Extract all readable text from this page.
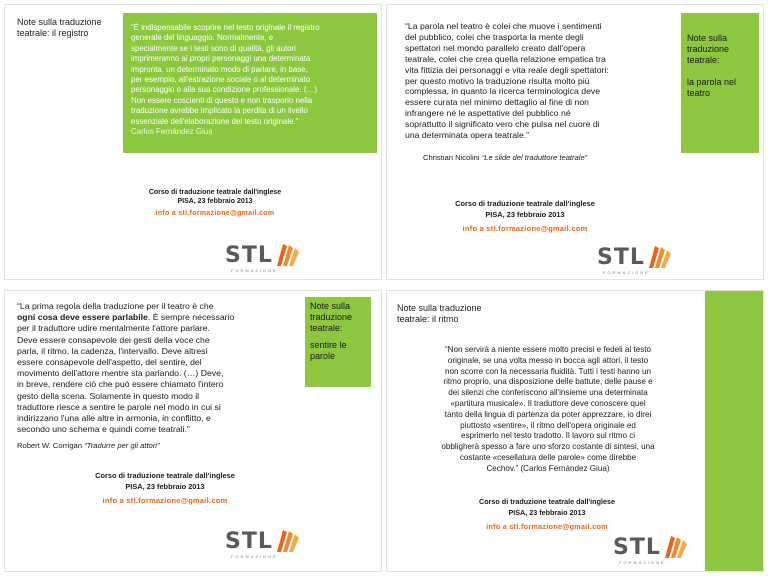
Note sulla traduzione
teatrale: il registro
“È indispensabile scoprire nel testo originale il registro
generale del linguaggio. Normalmente, e
specialmente se i testi sono di qualità, gli autori
imprimeranno ai propri personaggi una determinata
impronta, un determinato modo di parlare, in base,
per esempio, all'estrazione sociale o al determinato
personaggio o alla sua condizione professionale. (…)
Non essere coscienti di questo e non trasporlo nella
traduzione avrebbe implicato la perdita di un livello
essenziale dell'elaborazione del testo originale.”
Carlos Fernández Giua
Corso di traduzione teatrale dall'inglese
PISA, 23 febbraio 2013
info a stl.formazione@gmail.com
STL
FORMAZIONE
“La parola nel teatro è colei che muove i sentimenti
del pubblico, colei che trasporta la mente degli
spettatori nel mondo parallelo creato dall'opera
teatrale, colei che crea quella relazione empatica tra
vita fittizia dei personaggi e vita reale degli spettatori:
per questo motivo la traduzione risulta molto più
complessa, in quanto la ricerca terminologica deve
essere curata nel minimo dettaglio al fine di non
infrangere né le aspettative del pubblico né
soprattutto il significato vero che pulsa nel cuore di
una determinata opera teatrale.”
Christian Nicolini “Le slide del traduttore teatrale”
Note sulla
traduzione
teatrale:
la parola nel
teatro
Corso di traduzione teatrale dall'inglese
PISA, 23 febbraio 2013
info a stl.formazione@gmail.com
STL
FORMAZIONE
“La prima regola della traduzione per il teatro è che
ogni cosa deve essere parlabile. È sempre necessario
per il traduttore udire mentalmente l'attore parlare.
Deve essere consapevole dei gesti della voce che
parla, il ritmo, la cadenza, l'intervallo. Deve altresì
essere consapevole dell'aspetto, del sentire, del
movimento dell'attore mentre sta parlando. (…) Deve,
in breve, rendere ciò che può essere chiamato l'intero
gesto della scena. Solamente in questo modo il
traduttore riesce a sentire le parole nel modo in cui si
indirizzano l'una alle altre in armonia, in conflitto, e
secondo uno schema e quindi come teatrali.”
Robert W. Corrigan “Tradurre per gli attori”
Note sulla
traduzione
teatrale:
sentire le
parole
Corso di traduzione teatrale dall'inglese
PISA, 23 febbraio 2013
info a stl.formazione@gmail.com
STL
FORMAZIONE
Note sulla traduzione
teatrale: il ritmo
“Non servirà a niente essere molto precisi e fedeli al testo
originale, se una volta messo in bocca agli attori, il testo
non scorre con la necessaria fluidità. Tutti i testi hanno un
ritmo proprio, una disposizione delle battute, delle pause e
dei silenzi che conferiscono all'insieme una determinata
«partitura musicale». Il traduttore deve conoscere quel
tanto della lingua di partenza da poter apprezzare, io direi
piuttosto «sentire», il ritmo dell'opera originale ed
esprimerlo nel testo tradotto. Il lavoro sul ritmo ci
obbligherà spesso a fare uno sforzo costante di sintesi, una
costante «cesellatura delle parole» come direbbe
Cechov.” (Carlos Fernández Giua)
Corso di traduzione teatrale dall'inglese
PISA, 23 febbraio 2013
info a stl.formazione@gmail.com
STL
FORMAZIONE
